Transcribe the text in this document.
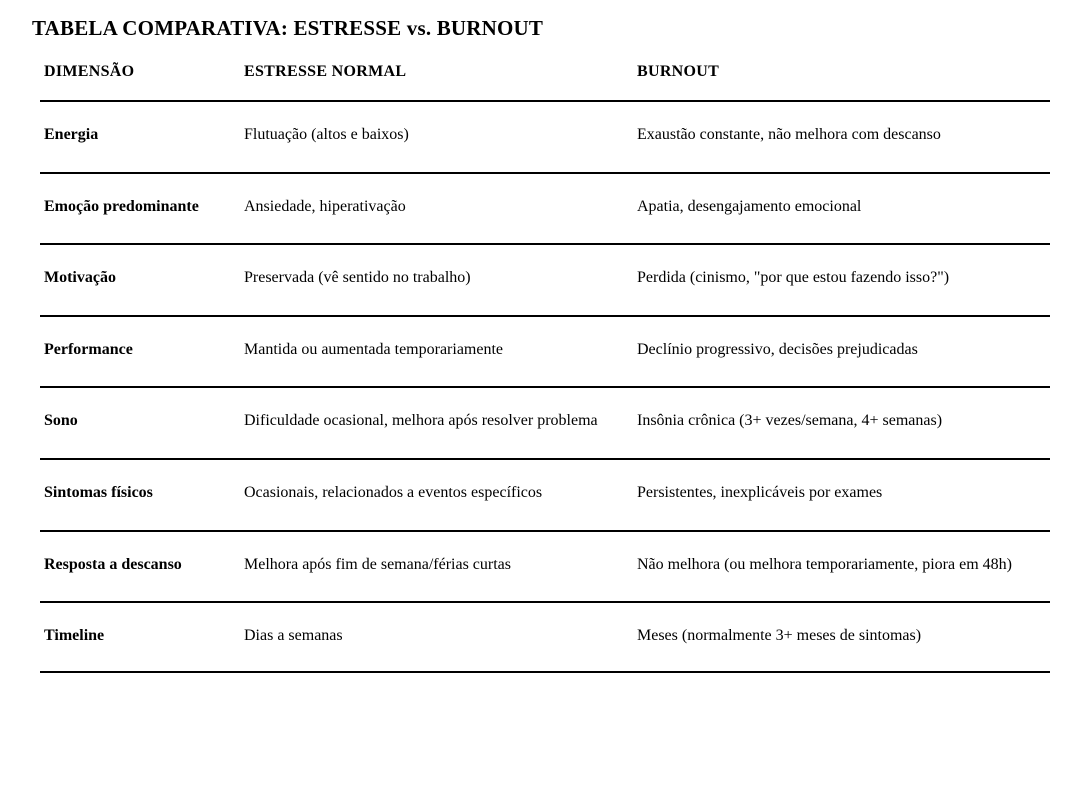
TABELA COMPARATIVA: ESTRESSE vs. BURNOUT
DIMENSÃO	ESTRESSE NORMAL	BURNOUT
Energia	Flutuação (altos e baixos)	Exaustão constante, não melhora com descanso
Emoção predominante	Ansiedade, hiperativação	Apatia, desengajamento emocional
Motivação	Preservada (vê sentido no trabalho)	Perdida (cinismo, "por que estou fazendo isso?")
Performance	Mantida ou aumentada temporariamente	Declínio progressivo, decisões prejudicadas
Sono	Dificuldade ocasional, melhora após resolver problema	Insônia crônica (3+ vezes/semana, 4+ semanas)
Sintomas físicos	Ocasionais, relacionados a eventos específicos	Persistentes, inexplicáveis por exames
Resposta a descanso	Melhora após fim de semana/férias curtas	Não melhora (ou melhora temporariamente, piora em 48h)
Timeline	Dias a semanas	Meses (normalmente 3+ meses de sintomas)
